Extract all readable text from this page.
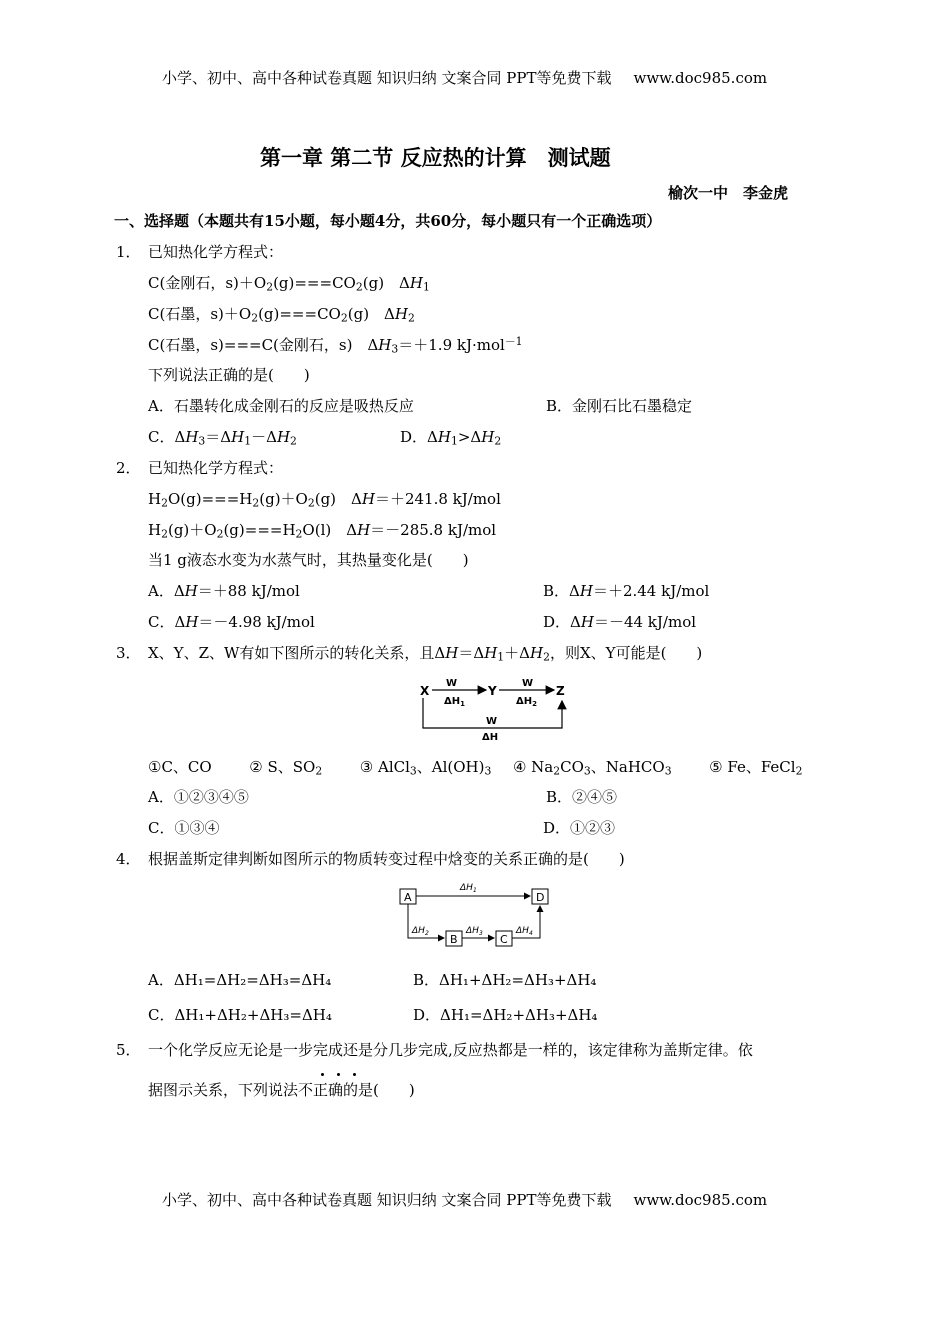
小学、初中、高中各种试卷真题 知识归纳 文案合同 PPT等免费下载 www.doc985.com
第一章 第二节 反应热的计算　测试题
榆次一中　李金虎
一、选择题（本题共有15小题，每小题4分，共60分，每小题只有一个正确选项）
1． 已知热化学方程式：
C(金刚石，$s)+O_2(g)===CO_2(g)$　$\Delta H_1$
C(石墨，$s)+O_2(g)===CO_2(g)$　$\Delta H_2$
C(石墨，s)===C(金刚石，s)　$\Delta H_3=+1.9$ kJ·mol$^{-1}$
下列说法正确的是(　　)
A．石墨转化成金刚石的反应是吸热反应	B．金刚石比石墨稳定
C．$\Delta H_3=\Delta H_1-\Delta H_2$	D．$\Delta H_1>\Delta H_2$
2． 已知热化学方程式：
$H_2O(g)===H_2(g)+O_2(g)$　ΔH＝＋241.8 kJ/mol
$H_2(g)+O_2(g)===H_2O(l)$　ΔH＝－285.8 kJ/mol
当1 g液态水变为水蒸气时，其热量变化是(　　)
A．ΔH＝＋88 kJ/mol	B．ΔH＝＋2.44 kJ/mol
C．ΔH＝－4.98 kJ/mol	D．ΔH＝－44 kJ/mol
3． X、Y、Z、W有如下图所示的转化关系，且$\Delta H=\Delta H_1+\Delta H_2$，则X、Y可能是(　　)
X
W
$\Delta H_1$
Y
W
$\Delta H_2$
Z
W
ΔH
①C、CO	② S、$SO_2$	③ AlCl$_3$、$Al(OH)_3$ ④ $Na_2CO_3$、NaHCO$_3$	⑤ Fe、FeCl$_2$
A．①②③④⑤	B．②④⑤
C．①③④	D．①②③
4． 根据盖斯定律判断如图所示的物质转变过程中焓变的关系正确的是(　　)
A	D
$\Delta H_1$
$\Delta H_2$ B
$\Delta H_3$ C
$\Delta H_4$
A．ΔH₁=ΔH₂=ΔH₃=ΔH₄	B．ΔH₁+ΔH₂=ΔH₃+ΔH₄
C．ΔH₁+ΔH₂+ΔH₃=ΔH₄	D．ΔH₁=ΔH₂+ΔH₃+ΔH₄
5． 一个化学反应无论是一步完成还是分几步完成,反应热都是一样的，该定律称为盖斯定律。依
据图示关系，下列说法不正确的是(　　)
小学、初中、高中各种试卷真题 知识归纳 文案合同 PPT等免费下载 www.doc985.com
